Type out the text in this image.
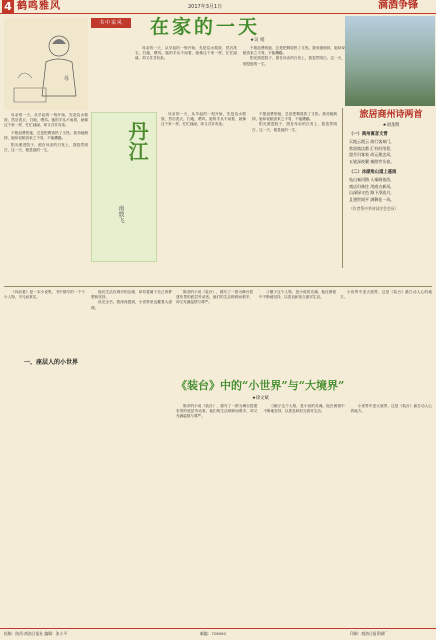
4 鹤鸣雅风	2017年3月1日	滴酒争锋
母

母亲的一天，从早起的一刻开始，先是烧水做饭，然后洗衣，扫地，喂鸡。她的手从不闲着，就像这个家一样，忙忙碌碌，却又井井有条。

不愿浪费的她，总是把剩饭热了又热。我劝她倒掉，她却说粮食来之不易，不能糟蹋。

阳光照进院子，照在母亲的白发上，我忽然明白，这一天，便是她的一生。

书中采风	在家的一天
★吴 娟
丹江
南敦飞

母亲的一天，从早起的一刻开始，先是烧水做饭，然后洗衣，扫地，喂鸡。她的手从不闲着，就像这个家一样，忙忙碌碌，却又井井有条。

不愿浪费的她，总是把剩饭热了又热。我劝她倒掉，她却说粮食来之不易，不能糟蹋。

阳光照进院子，照在母亲的白发上，我忽然明白，这一天，便是她的一生。

母亲的一天，从早起的一刻开始，先是烧水做饭，然后洗衣，扫地，喂鸡。她的手从不闲着，就像这个家一样，忙忙碌碌，却又井井有条。

不愿浪费的她，总是把剩饭热了又热。我劝她倒掉，她却说粮食来之不易，不能糟蹋。

阳光照进院子，照在母亲的白发上，我忽然明白，这一天，便是她的一生。

旅居商州诗两首
★刘龙明
（一）商州寓音文青
天地云霞云 商行客知门，
常留商店都 汇有时用景，
望月归客家 尚元理念风，
五轮深夜繁 秦照旁头宿。
（二）冰湖角山道上遥雨
龟山秦河路 人秦路依西，
商店归林往 用商古新风，
山深绿又色 路下净流月，
且建世间平 满剩花一风。
（作者系中华诗词学会会员）
一、座层人的小世界

《向前看》是一本小说集，书中描写的一个个小人物，平凡而真实。

他们生活在城市的边缘，却有着属于自己的梦想和坚持。

读完全书，我深深感到，小世界里也藏着大道理。

《装台》中的“小世界”与“大境界”
★徐文斌

陈彦的小说《装台》，描写了一群为舞台搭建布景的底层劳动者。他们的生活琐碎而艰辛，却又充满温情与尊严。

刁顺子这个人物，是小说的灵魂。他在困境中不断地坚持，以善良和担当面对生活。

陈彦的小说《装台》，描写了一群为舞台搭建布景的底层劳动者。他们的生活琐碎而艰辛，却又充满温情与尊严。

刁顺子这个人物，是小说的灵魂。他在困境中不断地坚持，以善良和担当面对生活。

小世界中见大境界，这是《装台》最打动人心的地方。

小世界中见大境界，这是《装台》最打动人心的地方。

投稿：陕西·商洛日报社 编辑：张小平	邮编：726000	印刷：商洛日报印刷厂
